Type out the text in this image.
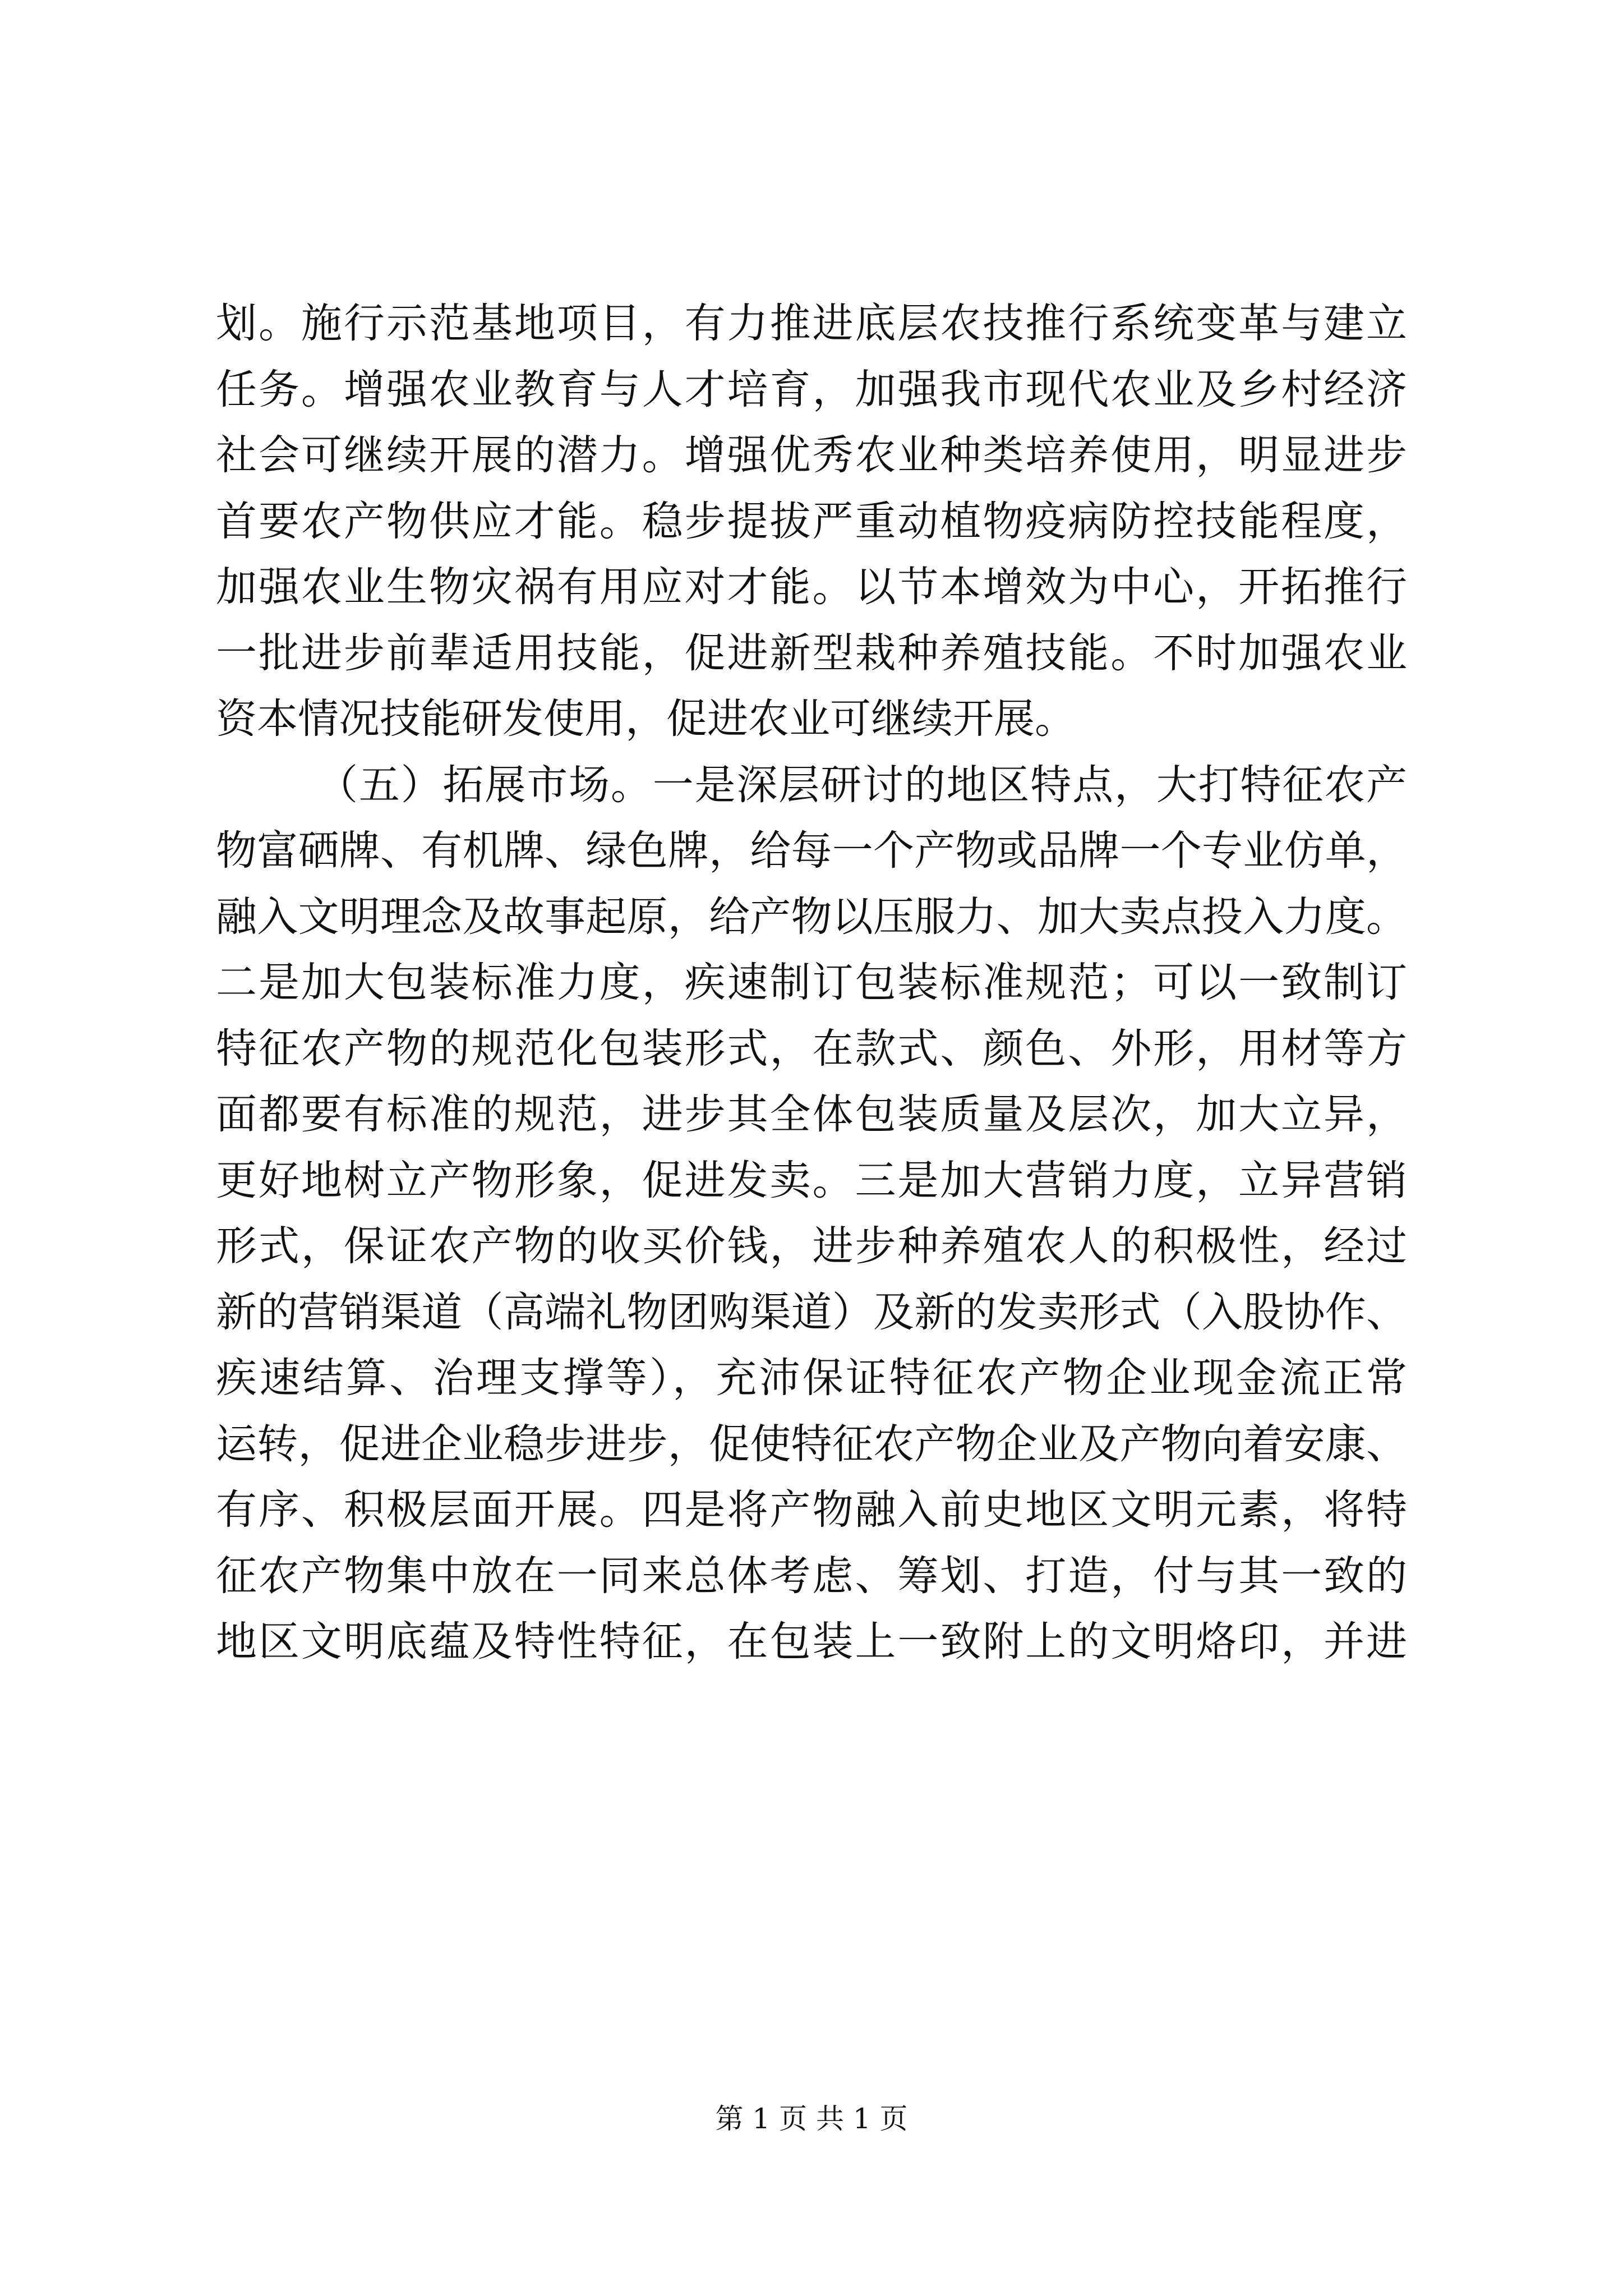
划。施行示范基地项目，有力推进底层农技推行系统变革与建立
任务。增强农业教育与人才培育，加强我市现代农业及乡村经济
社会可继续开展的潜力。增强优秀农业种类培养使用，明显进步
首要农产物供应才能。稳步提拔严重动植物疫病防控技能程度，
加强农业生物灾祸有用应对才能。以节本增效为中心，开拓推行
一批进步前辈适用技能，促进新型栽种养殖技能。不时加强农业
资本情况技能研发使用，促进农业可继续开展。
（五）拓展市场。一是深层研讨的地区特点，大打特征农产
物富硒牌、有机牌、绿色牌，给每一个产物或品牌一个专业仿单，
融入文明理念及故事起原，给产物以压服力、加大卖点投入力度。
二是加大包装标准力度，疾速制订包装标准规范；可以一致制订
特征农产物的规范化包装形式，在款式、颜色、外形，用材等方
面都要有标准的规范，进步其全体包装质量及层次，加大立异，
更好地树立产物形象，促进发卖。三是加大营销力度，立异营销
形式，保证农产物的收买价钱，进步种养殖农人的积极性，经过
新的营销渠道（高端礼物团购渠道）及新的发卖形式（入股协作、
疾速结算、治理支撑等），充沛保证特征农产物企业现金流正常
运转，促进企业稳步进步，促使特征农产物企业及产物向着安康、
有序、积极层面开展。四是将产物融入前史地区文明元素，将特
征农产物集中放在一同来总体考虑、筹划、打造，付与其一致的
地区文明底蕴及特性特征，在包装上一致附上的文明烙印，并进
第 1 页 共 1 页
